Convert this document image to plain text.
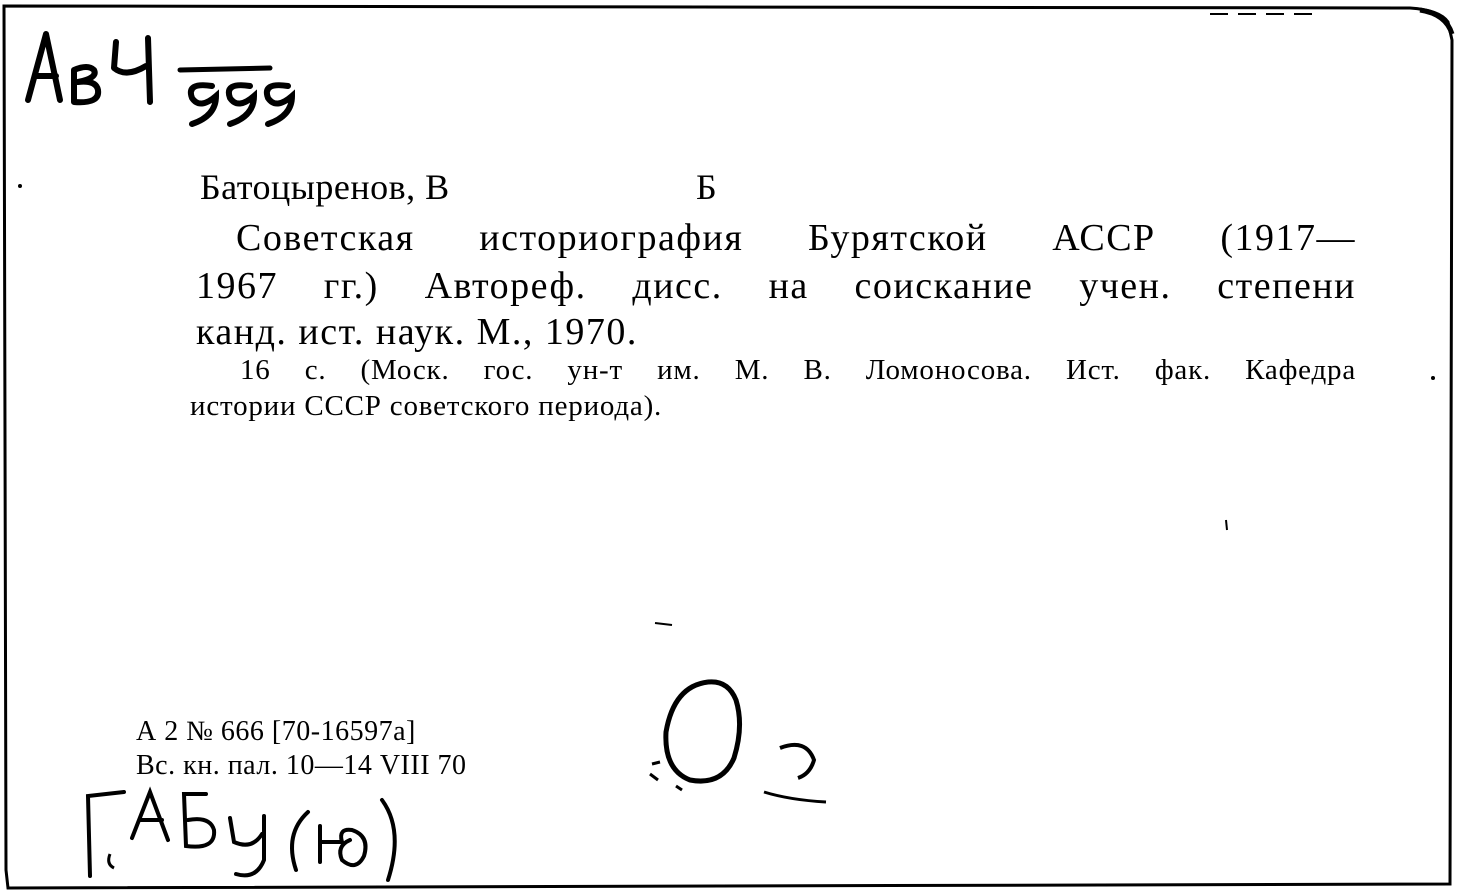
Батоцыренов, В	Б
Советская историография Бурятской АССР (1917—
1967 гг.) Автореф. дисс. на соискание учен. степени
канд. ист. наук. М., 1970.
16 с. (Моск. гос. ун-т им. М. В. Ломоносова. Ист. фак. Кафедра
истории СССР советского периода).
А 2 № 666 [70-16597а]
Вс. кн. пал. 10—14 VIII 70
